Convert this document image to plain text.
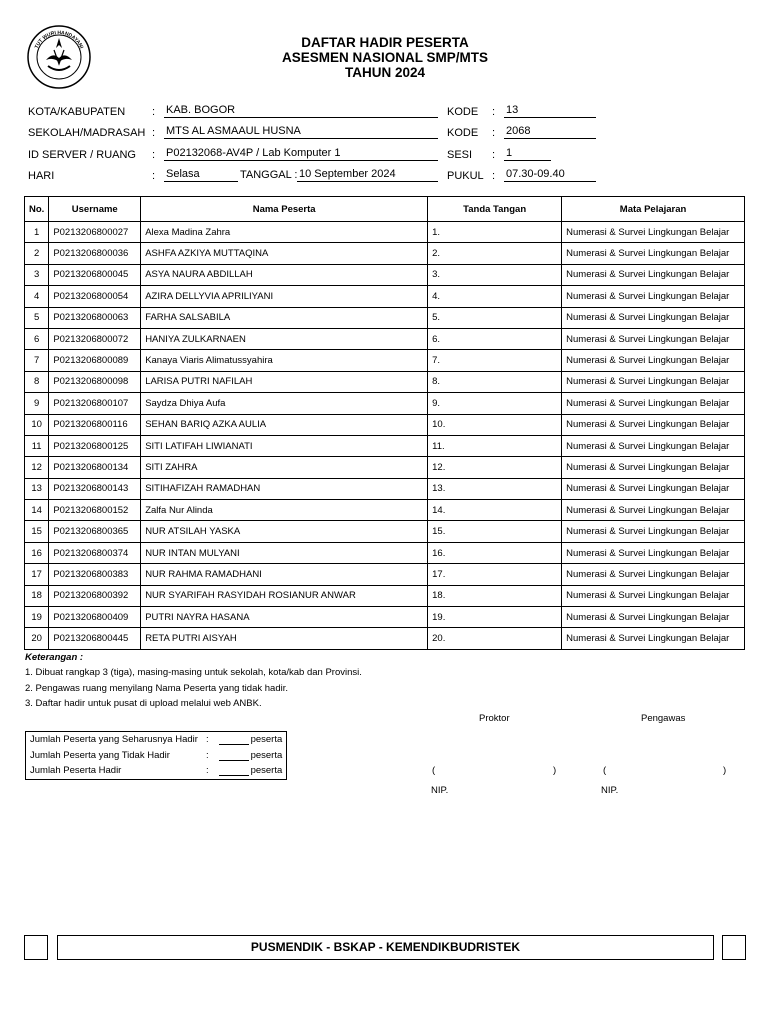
TUT WURI HANDAYANI	DAFTAR HADIR PESERTA
ASESMEN NASIONAL SMP/MTS
TAHUN 2024
KOTA/KABUPATEN : KAB. BOGOR
SEKOLAH/MADRASAH : MTS AL ASMAAUL HUSNA
ID SERVER / RUANG : P02132068-AV4P / Lab Komputer 1
HARI	: Selasa	TANGGAL : 10 September 2024
KODE : 13
KODE : 2068
SESI : 1
PUKUL : 07.30-09.40
No.	Username	Nama Peserta	Tanda Tangan	Mata Pelajaran
1	P0213206800027	Alexa Madina Zahra	1.	Numerasi & Survei Lingkungan Belajar
2	P0213206800036	ASHFA AZKIYA MUTTAQINA	2.	Numerasi & Survei Lingkungan Belajar
3	P0213206800045	ASYA NAURA ABDILLAH	3.	Numerasi & Survei Lingkungan Belajar
4	P0213206800054	AZIRA DELLYVIA APRILIYANI	4.	Numerasi & Survei Lingkungan Belajar
5	P0213206800063	FARHA SALSABILA	5.	Numerasi & Survei Lingkungan Belajar
6	P0213206800072	HANIYA ZULKARNAEN	6.	Numerasi & Survei Lingkungan Belajar
7	P0213206800089	Kanaya Viaris Alimatussyahira	7.	Numerasi & Survei Lingkungan Belajar
8	P0213206800098	LARISA PUTRI NAFILAH	8.	Numerasi & Survei Lingkungan Belajar
9	P0213206800107	Saydza Dhiya Aufa	9.	Numerasi & Survei Lingkungan Belajar
10	P0213206800116	SEHAN BARIQ AZKA AULIA	10.	Numerasi & Survei Lingkungan Belajar
11	P0213206800125	SITI LATIFAH LIWIANATI	11.	Numerasi & Survei Lingkungan Belajar
12	P0213206800134	SITI ZAHRA	12.	Numerasi & Survei Lingkungan Belajar
13	P0213206800143	SITIHAFIZAH RAMADHAN	13.	Numerasi & Survei Lingkungan Belajar
14	P0213206800152	Zalfa Nur Alinda	14.	Numerasi & Survei Lingkungan Belajar
15	P0213206800365	NUR ATSILAH YASKA	15.	Numerasi & Survei Lingkungan Belajar
16	P0213206800374	NUR INTAN MULYANI	16.	Numerasi & Survei Lingkungan Belajar
17	P0213206800383	NUR RAHMA RAMADHANI	17.	Numerasi & Survei Lingkungan Belajar
18	P0213206800392	NUR SYARIFAH RASYIDAH ROSIANUR ANWAR	18.	Numerasi & Survei Lingkungan Belajar
19	P0213206800409	PUTRI NAYRA HASANA	19.	Numerasi & Survei Lingkungan Belajar
20	P0213206800445	RETA PUTRI AISYAH	20.	Numerasi & Survei Lingkungan Belajar
Keterangan :
1. Dibuat rangkap 3 (tiga), masing-masing untuk sekolah, kota/kab dan Provinsi.
2. Pengawas ruang menyilang Nama Peserta yang tidak hadir.
3. Daftar hadir untuk pusat di upload melalui web ANBK.
Jumlah Peserta yang Seharusnya Hadir	:	peserta
Jumlah Peserta yang Tidak Hadir	:	peserta
Jumlah Peserta Hadir	:	peserta
Proktor	Pengawas
(	)	(	)
NIP.	NIP.
PUSMENDIK - BSKAP - KEMENDIKBUDRISTEK
